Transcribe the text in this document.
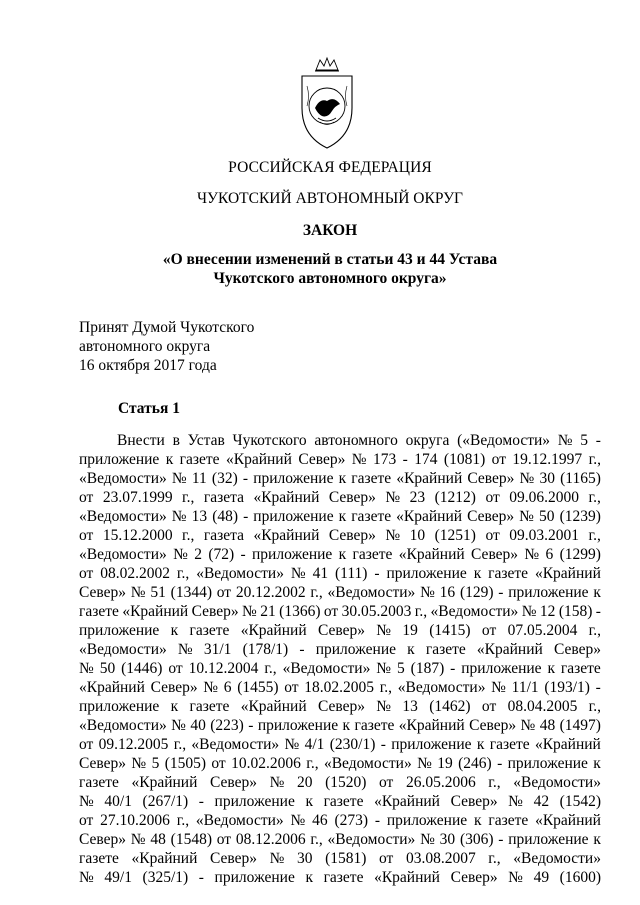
РОССИЙСКАЯ ФЕДЕРАЦИЯ
ЧУКОТСКИЙ АВТОНОМНЫЙ ОКРУГ
ЗАКОН
«О внесении изменений в статьи 43 и 44 Устава
Чукотского автономного округа»
Принят Думой Чукотского
автономного округа
16 октября 2017 года
Статья 1
Внести в Устав Чукотского автономного округа («Ведомости» № 5 -
приложение к газете «Крайний Север» № 173 - 174 (1081) от 19.12.1997 г.,
«Ведомости» № 11 (32) - приложение к газете «Крайний Север» № 30 (1165)
от 23.07.1999 г., газета «Крайний Север» № 23 (1212) от 09.06.2000 г.,
«Ведомости» № 13 (48) - приложение к газете «Крайний Север» № 50 (1239)
от 15.12.2000 г., газета «Крайний Север» № 10 (1251) от 09.03.2001 г.,
«Ведомости» № 2 (72) - приложение к газете «Крайний Север» № 6 (1299)
от 08.02.2002 г., «Ведомости» № 41 (111) - приложение к газете «Крайний
Север» № 51 (1344) от 20.12.2002 г., «Ведомости» № 16 (129) - приложение к
газете «Крайний Север» № 21 (1366) от 30.05.2003 г., «Ведомости» № 12 (158) -
приложение к газете «Крайний Север» № 19 (1415) от 07.05.2004 г.,
«Ведомости» № 31/1 (178/1) - приложение к газете «Крайний Север»
№ 50 (1446) от 10.12.2004 г., «Ведомости» № 5 (187) - приложение к газете
«Крайний Север» № 6 (1455) от 18.02.2005 г., «Ведомости» № 11/1 (193/1) -
приложение к газете «Крайний Север» № 13 (1462) от 08.04.2005 г.,
«Ведомости» № 40 (223) - приложение к газете «Крайний Север» № 48 (1497)
от 09.12.2005 г., «Ведомости» № 4/1 (230/1) - приложение к газете «Крайний
Север» № 5 (1505) от 10.02.2006 г., «Ведомости» № 19 (246) - приложение к
газете «Крайний Север» № 20 (1520) от 26.05.2006 г., «Ведомости»
№ 40/1 (267/1) - приложение к газете «Крайний Север» № 42 (1542)
от 27.10.2006 г., «Ведомости» № 46 (273) - приложение к газете «Крайний
Север» № 48 (1548) от 08.12.2006 г., «Ведомости» № 30 (306) - приложение к
газете «Крайний Север» № 30 (1581) от 03.08.2007 г., «Ведомости»
№ 49/1 (325/1) - приложение к газете «Крайний Север» № 49 (1600)
